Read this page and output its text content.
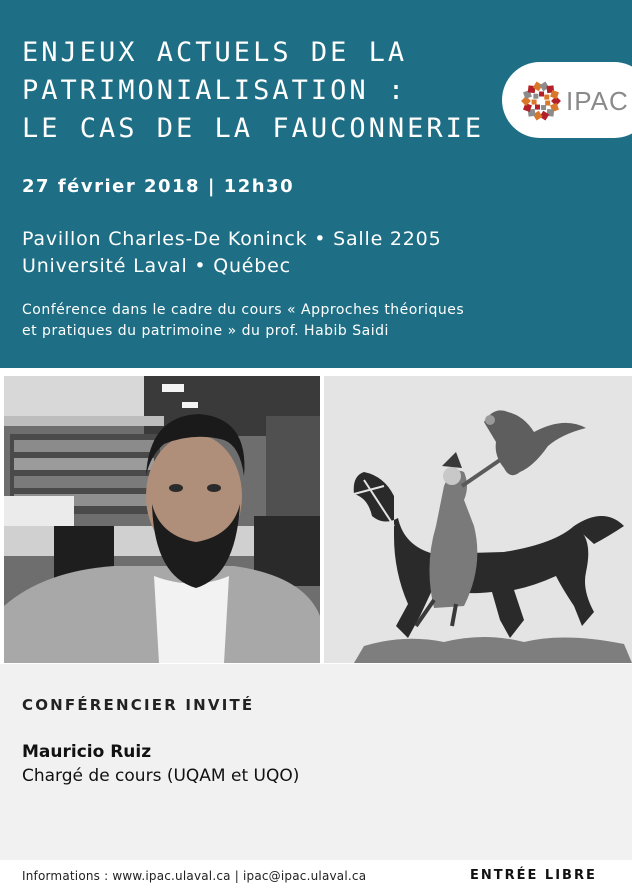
ENJEUX ACTUELS DE LA
PATRIMONIALISATION :
LE CAS DE LA FAUCONNERIE
IPAC
27 février 2018 | 12h30
Pavillon Charles-De Koninck • Salle 2205
Université Laval • Québec
Conférence dans le cadre du cours « Approches théoriques
et pratiques du patrimoine » du prof. Habib Saidi
CONFÉRENCIER INVITÉ
Mauricio Ruiz
Chargé de cours (UQAM et UQO)
Informations : www.ipac.ulaval.ca | ipac@ipac.ulaval.ca	ENTRÉE LIBRE
